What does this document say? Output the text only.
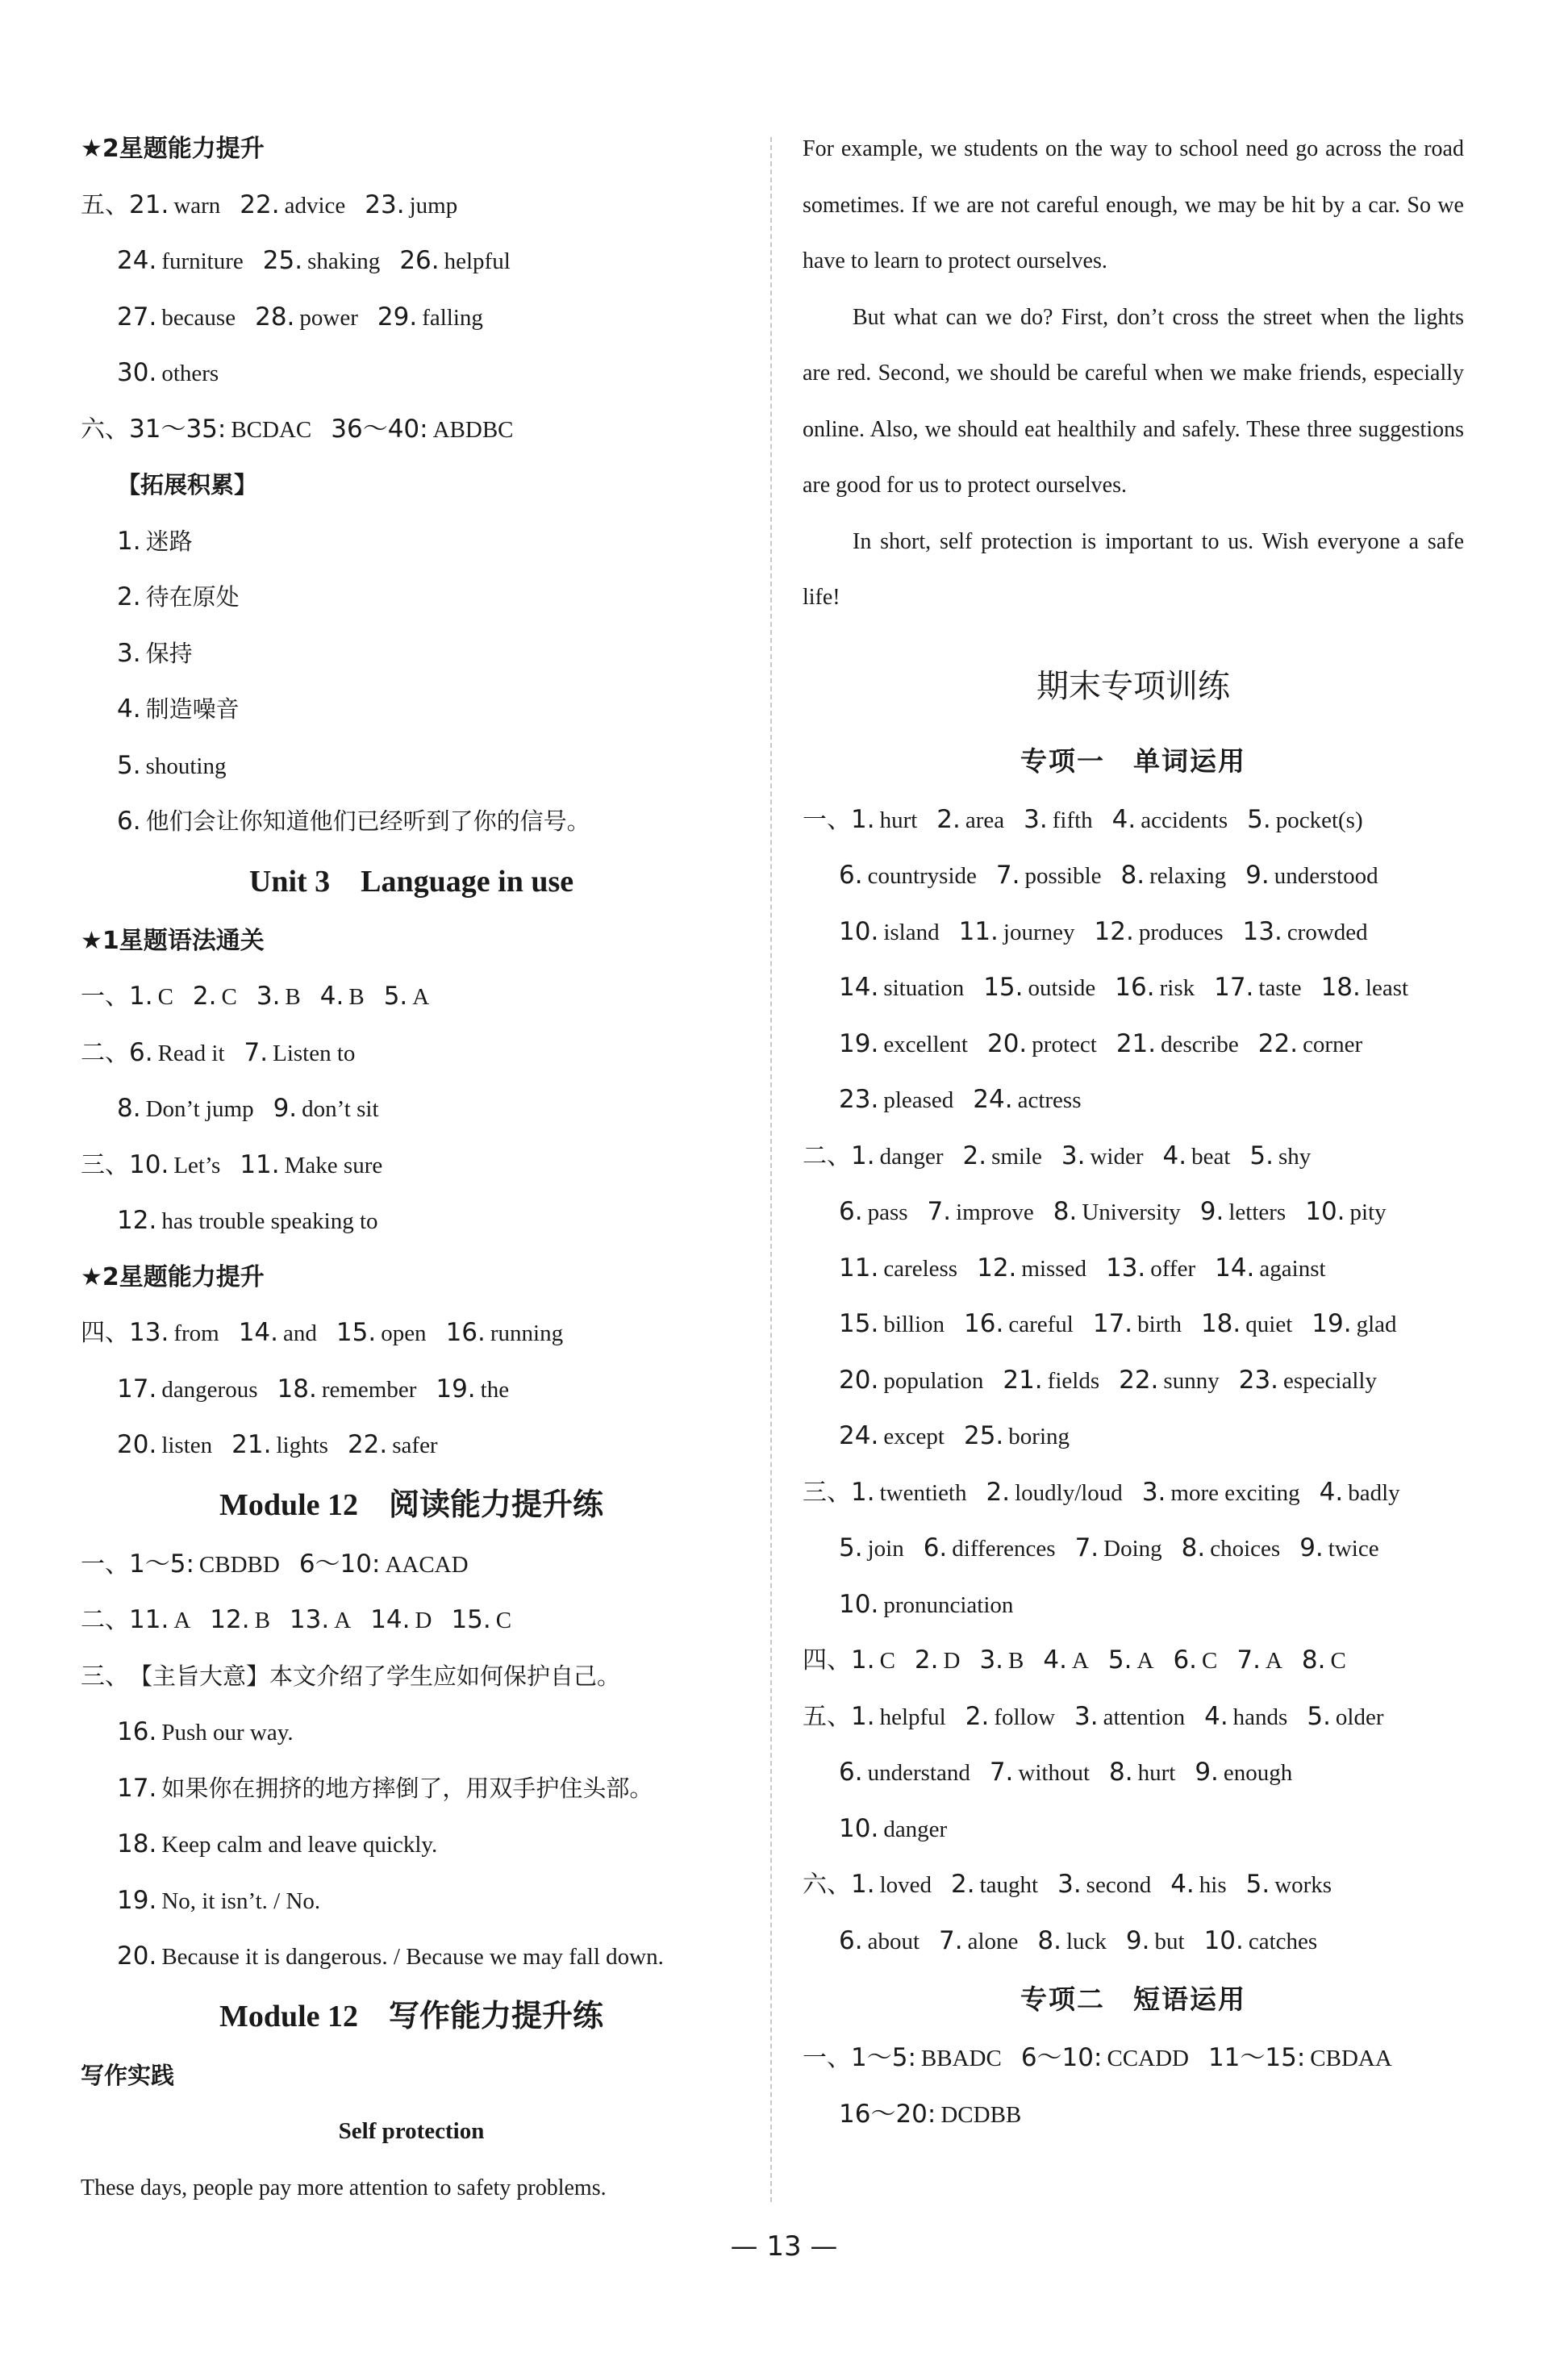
★2星题能力提升
五、21. warn 22. advice 23. jump
24. furniture 25. shaking 26. helpful
27. because 28. power 29. falling
30. others
六、31～35: BCDAC 36～40: ABDBC
【拓展积累】
1. 迷路
2. 待在原处
3. 保持
4. 制造噪音
5. shouting
6. 他们会让你知道他们已经听到了你的信号。
Unit 3　Language in use
★1星题语法通关
一、1. C 2. C 3. B 4. B 5. A
二、6. Read it 7. Listen to
8. Don’t jump 9. don’t sit
三、10. Let’s 11. Make sure
12. has trouble speaking to
★2星题能力提升
四、13. from 14. and 15. open 16. running
17. dangerous 18. remember 19. the
20. listen 21. lights 22. safer
Module 12　阅读能力提升练
一、1～5: CBDBD 6～10: AACAD
二、11. A 12. B 13. A 14. D 15. C
三、【主旨大意】本文介绍了学生应如何保护自己。
16. Push our way.
17. 如果你在拥挤的地方摔倒了，用双手护住头部。
18. Keep calm and leave quickly.
19. No, it isn’t. / No.
20. Because it is dangerous. / Because we may fall down.
Module 12　写作能力提升练
写作实践
Self protection
These days, people pay more attention to safety problems.
For example, we students on the way to school need go across the road sometimes. If we are not careful enough, we may be hit by a car. So we have to learn to protect ourselves.
But what can we do? First, don’t cross the street when the lights are red. Second, we should be careful when we make friends, especially online. Also, we should eat healthily and safely. These three suggestions are good for us to protect ourselves.
In short, self protection is important to us. Wish everyone a safe life!
期末专项训练
专项一　单词运用
一、1. hurt 2. area 3. fifth 4. accidents 5. pocket(s)
6. countryside 7. possible 8. relaxing 9. understood
10. island 11. journey 12. produces 13. crowded
14. situation 15. outside 16. risk 17. taste 18. least
19. excellent 20. protect 21. describe 22. corner
23. pleased 24. actress
二、1. danger 2. smile 3. wider 4. beat 5. shy
6. pass 7. improve 8. University 9. letters 10. pity
11. careless 12. missed 13. offer 14. against
15. billion 16. careful 17. birth 18. quiet 19. glad
20. population 21. fields 22. sunny 23. especially
24. except 25. boring
三、1. twentieth 2. loudly/loud 3. more exciting 4. badly
5. join 6. differences 7. Doing 8. choices 9. twice
10. pronunciation
四、1. C 2. D 3. B 4. A 5. A 6. C 7. A 8. C
五、1. helpful 2. follow 3. attention 4. hands 5. older
6. understand 7. without 8. hurt 9. enough
10. danger
六、1. loved 2. taught 3. second 4. his 5. works
6. about 7. alone 8. luck 9. but 10. catches
专项二　短语运用
一、1～5: BBADC 6～10: CCADD 11～15: CBDAA
16～20: DCDBB
— 13 —
